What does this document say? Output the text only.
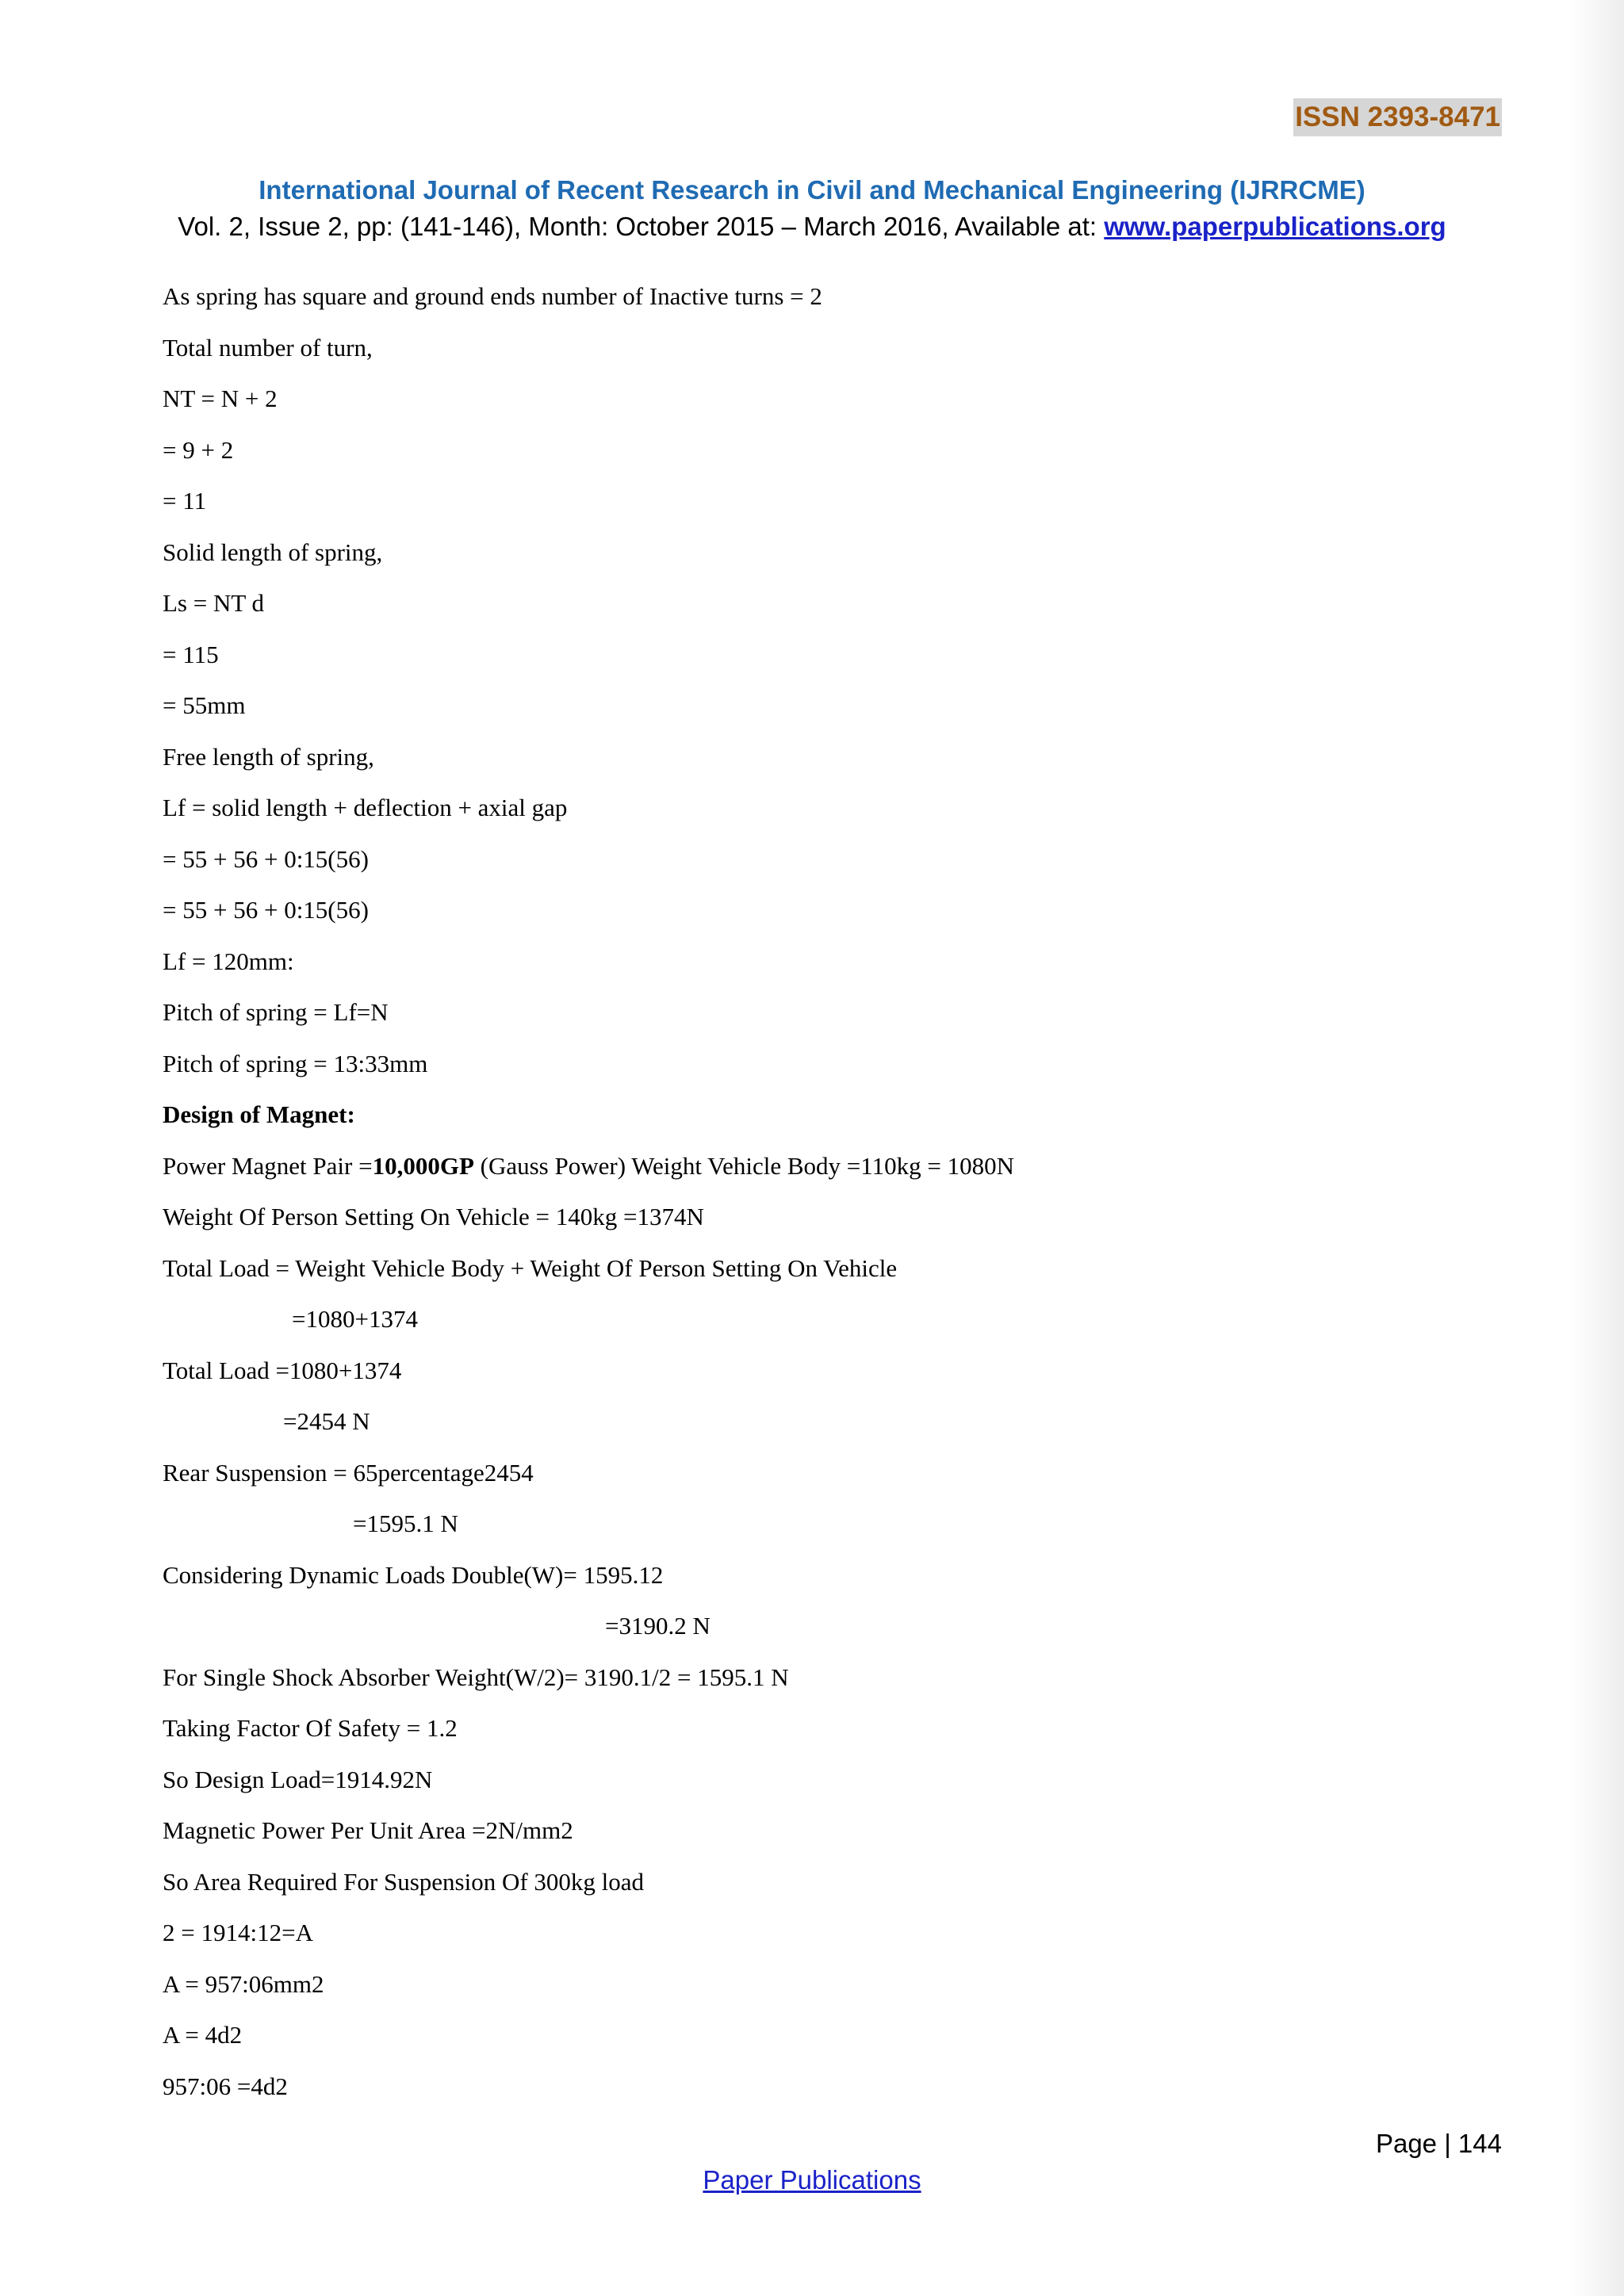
ISSN 2393-8471
International Journal of Recent Research in Civil and Mechanical Engineering (IJRRCME)
Vol. 2, Issue 2, pp: (141-146), Month: October 2015 – March 2016, Available at: www.paperpublications.org
As spring has square and ground ends number of Inactive turns = 2
Total number of turn,
NT = N + 2
= 9 + 2
= 11
Solid length of spring,
Ls = NT d
= 115
= 55mm
Free length of spring,
Lf = solid length + deflection + axial gap
= 55 + 56 + 0:15(56)
= 55 + 56 + 0:15(56)
Lf = 120mm:
Pitch of spring = Lf=N
Pitch of spring = 13:33mm
Design of Magnet:
Power Magnet Pair =10,000GP (Gauss Power) Weight Vehicle Body =110kg = 1080N
Weight Of Person Setting On Vehicle = 140kg =1374N
Total Load = Weight Vehicle Body + Weight Of Person Setting On Vehicle
=1080+1374
Total Load =1080+1374
=2454 N
Rear Suspension = 65percentage2454
=1595.1 N
Considering Dynamic Loads Double(W)= 1595.12
=3190.2 N
For Single Shock Absorber Weight(W/2)= 3190.1/2 = 1595.1 N
Taking Factor Of Safety = 1.2
So Design Load=1914.92N
Magnetic Power Per Unit Area =2N/mm2
So Area Required For Suspension Of 300kg load
2 = 1914:12=A
A = 957:06mm2
A = 4d2
957:06 =4d2
Page | 144
Paper Publications
